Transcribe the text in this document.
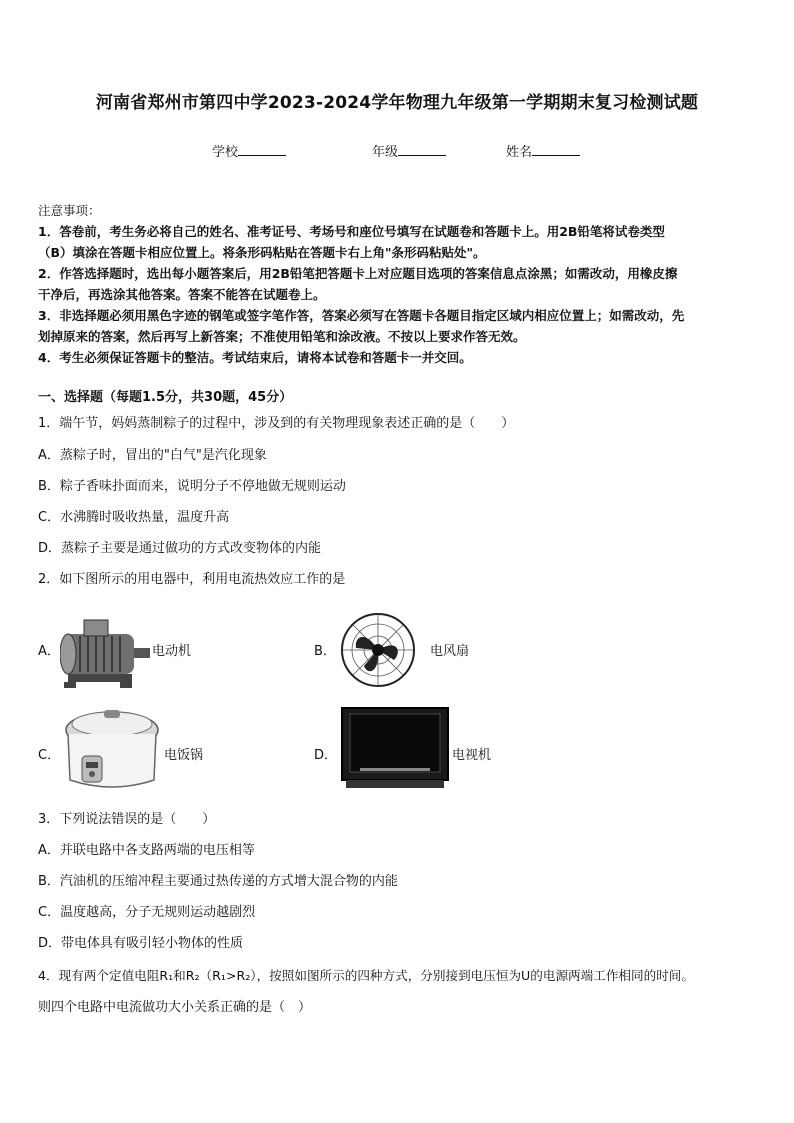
河南省郑州市第四中学2023-2024学年物理九年级第一学期期末复习检测试题
学校	年级	姓名
注意事项：
1．答卷前，考生务必将自己的姓名、准考证号、考场号和座位号填写在试题卷和答题卡上。用2B铅笔将试卷类型
（B）填涂在答题卡相应位置上。将条形码粘贴在答题卡右上角"条形码粘贴处"。
2．作答选择题时，选出每小题答案后，用2B铅笔把答题卡上对应题目选项的答案信息点涂黑；如需改动，用橡皮擦
干净后，再选涂其他答案。答案不能答在试题卷上。
3．非选择题必须用黑色字迹的钢笔或签字笔作答，答案必须写在答题卡各题目指定区域内相应位置上；如需改动，先
划掉原来的答案，然后再写上新答案；不准使用铅笔和涂改液。不按以上要求作答无效。
4．考生必须保证答题卡的整洁。考试结束后，请将本试卷和答题卡一并交回。
一、选择题（每题1.5分，共30题，45分）
1．端午节，妈妈蒸制粽子的过程中，涉及到的有关物理现象表述正确的是（　　）
A．蒸粽子时，冒出的"白气"是汽化现象
B．粽子香味扑面而来，说明分子不停地做无规则运动
C．水沸腾时吸收热量，温度升高
D．蒸粽子主要是通过做功的方式改变物体的内能
2．如下图所示的用电器中，利用电流热效应工作的是
A．	电动机	B．	电风扇
C．	电饭锅	D．	电视机
3．下列说法错误的是（　　）
A．并联电路中各支路两端的电压相等
B．汽油机的压缩冲程主要通过热传递的方式增大混合物的内能
C．温度越高，分子无规则运动越剧烈
D．带电体具有吸引轻小物体的性质
4．现有两个定值电阻R₁和R₂（R₁>R₂），按照如图所示的四种方式，分别接到电压恒为U的电源两端工作相同的时间。
则四个电路中电流做功大小关系正确的是（　）
